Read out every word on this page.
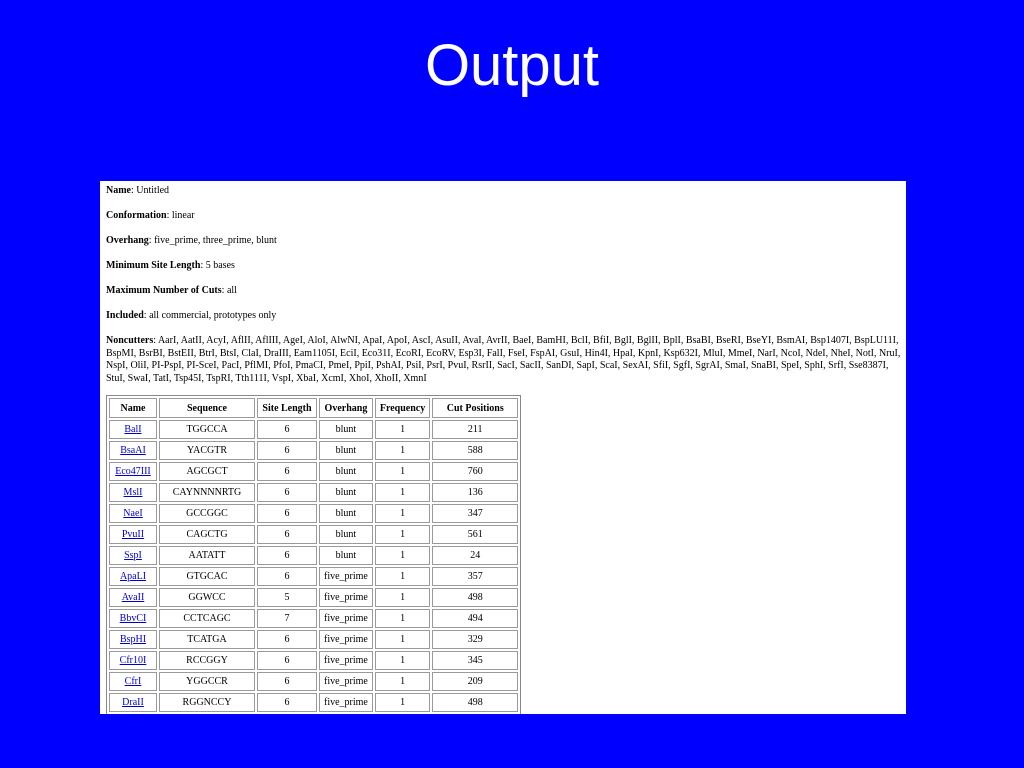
Output
Name: Untitled
Conformation: linear
Overhang: five_prime, three_prime, blunt
Minimum Site Length: 5 bases
Maximum Number of Cuts: all
Included: all commercial, prototypes only
Noncutters: AarI, AatII, AcyI, AflII, AflIII, AgeI, AloI, AlwNI, ApaI, ApoI, AscI, AsuII, AvaI, AvrII, BaeI, BamHI, BclI, BfiI, BglI, BglII, BplI, BsaBI, BseRI, BseYI, BsmAI, Bsp1407I, BspLU11I,
BspMI, BsrBI, BstEII, BtrI, BtsI, ClaI, DraIII, Eam1105I, EciI, Eco31I, EcoRI, EcoRV, Esp3I, FalI, FseI, FspAI, GsuI, Hin4I, HpaI, KpnI, Ksp632I, MluI, MmeI, NarI, NcoI, NdeI, NheI, NotI, NruI,
NspI, OliI, PI-PspI, PI-SceI, PacI, PflMI, PfoI, PmaCI, PmeI, PpiI, PshAI, PsiI, PsrI, PvuI, RsrII, SacI, SacII, SanDI, SapI, ScaI, SexAI, SfiI, SgfI, SgrAI, SmaI, SnaBI, SpeI, SphI, SrfI, Sse8387I,
StuI, SwaI, TatI, Tsp45I, TspRI, Tth111I, VspI, XbaI, XcmI, XhoI, XhoII, XmnI
Name	Sequence	Site Length	Overhang	Frequency	Cut Positions
BalI	TGGCCA	6	blunt	1	211
BsaAI	YACGTR	6	blunt	1	588
Eco47III	AGCGCT	6	blunt	1	760
MslI	CAYNNNNRTG	6	blunt	1	136
NaeI	GCCGGC	6	blunt	1	347
PvuII	CAGCTG	6	blunt	1	561
SspI	AATATT	6	blunt	1	24
ApaLI	GTGCAC	6	five_prime	1	357
AvaII	GGWCC	5	five_prime	1	498
BbvCI	CCTCAGC	7	five_prime	1	494
BspHI	TCATGA	6	five_prime	1	329
Cfr10I	RCCGGY	6	five_prime	1	345
CfrI	YGGCCR	6	five_prime	1	209
DraII	RGGNCCY	6	five_prime	1	498
